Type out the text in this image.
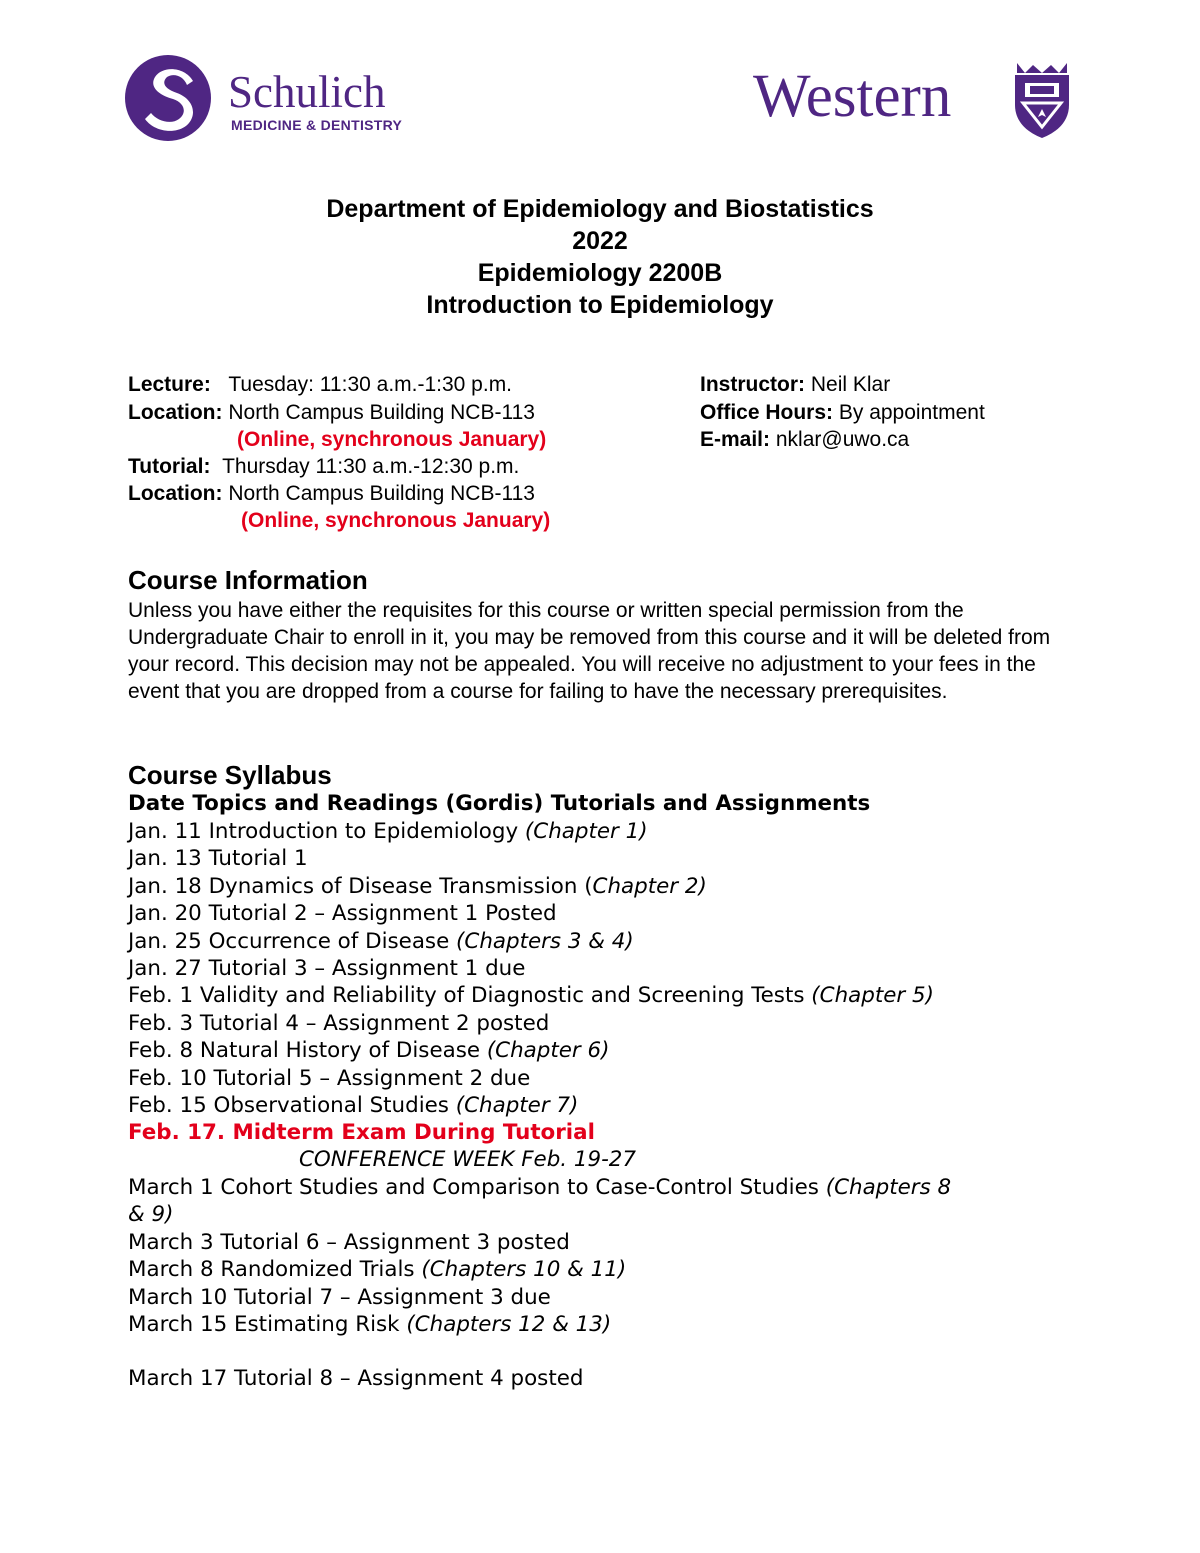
Schulich
MEDICINE & DENTISTRY	Western
Department of Epidemiology and Biostatistics
2022
Epidemiology 2200B
Introduction to Epidemiology
Lecture: Tuesday: 11:30 a.m.-1:30 p.m.
Location: North Campus Building NCB-113
(Online, synchronous January)
Tutorial: Thursday 11:30 a.m.-12:30 p.m.
Location: North Campus Building NCB-113
(Online, synchronous January)
Instructor: Neil Klar
Office Hours: By appointment
E-mail: nklar@uwo.ca
Course Information
Unless you have either the requisites for this course or written special permission from the Undergraduate Chair to enroll in it, you may be removed from this course and it will be deleted from your record. This decision may not be appealed. You will receive no adjustment to your fees in the event that you are dropped from a course for failing to have the necessary prerequisites.
Course Syllabus
Date Topics and Readings (Gordis) Tutorials and Assignments
Jan. 11 Introduction to Epidemiology (Chapter 1)
Jan. 13 Tutorial 1
Jan. 18 Dynamics of Disease Transmission (Chapter 2)
Jan. 20 Tutorial 2 – Assignment 1 Posted
Jan. 25 Occurrence of Disease (Chapters 3 & 4)
Jan. 27 Tutorial 3 – Assignment 1 due
Feb. 1 Validity and Reliability of Diagnostic and Screening Tests (Chapter 5)
Feb. 3 Tutorial 4 – Assignment 2 posted
Feb. 8 Natural History of Disease (Chapter 6)
Feb. 10 Tutorial 5 – Assignment 2 due
Feb. 15 Observational Studies (Chapter 7)
Feb. 17. Midterm Exam During Tutorial
CONFERENCE WEEK Feb. 19-27
March 1 Cohort Studies and Comparison to Case-Control Studies (Chapters 8
& 9)
March 3 Tutorial 6 – Assignment 3 posted
March 8 Randomized Trials (Chapters 10 & 11)
March 10 Tutorial 7 – Assignment 3 due
March 15 Estimating Risk (Chapters 12 & 13)
March 17 Tutorial 8 – Assignment 4 posted
